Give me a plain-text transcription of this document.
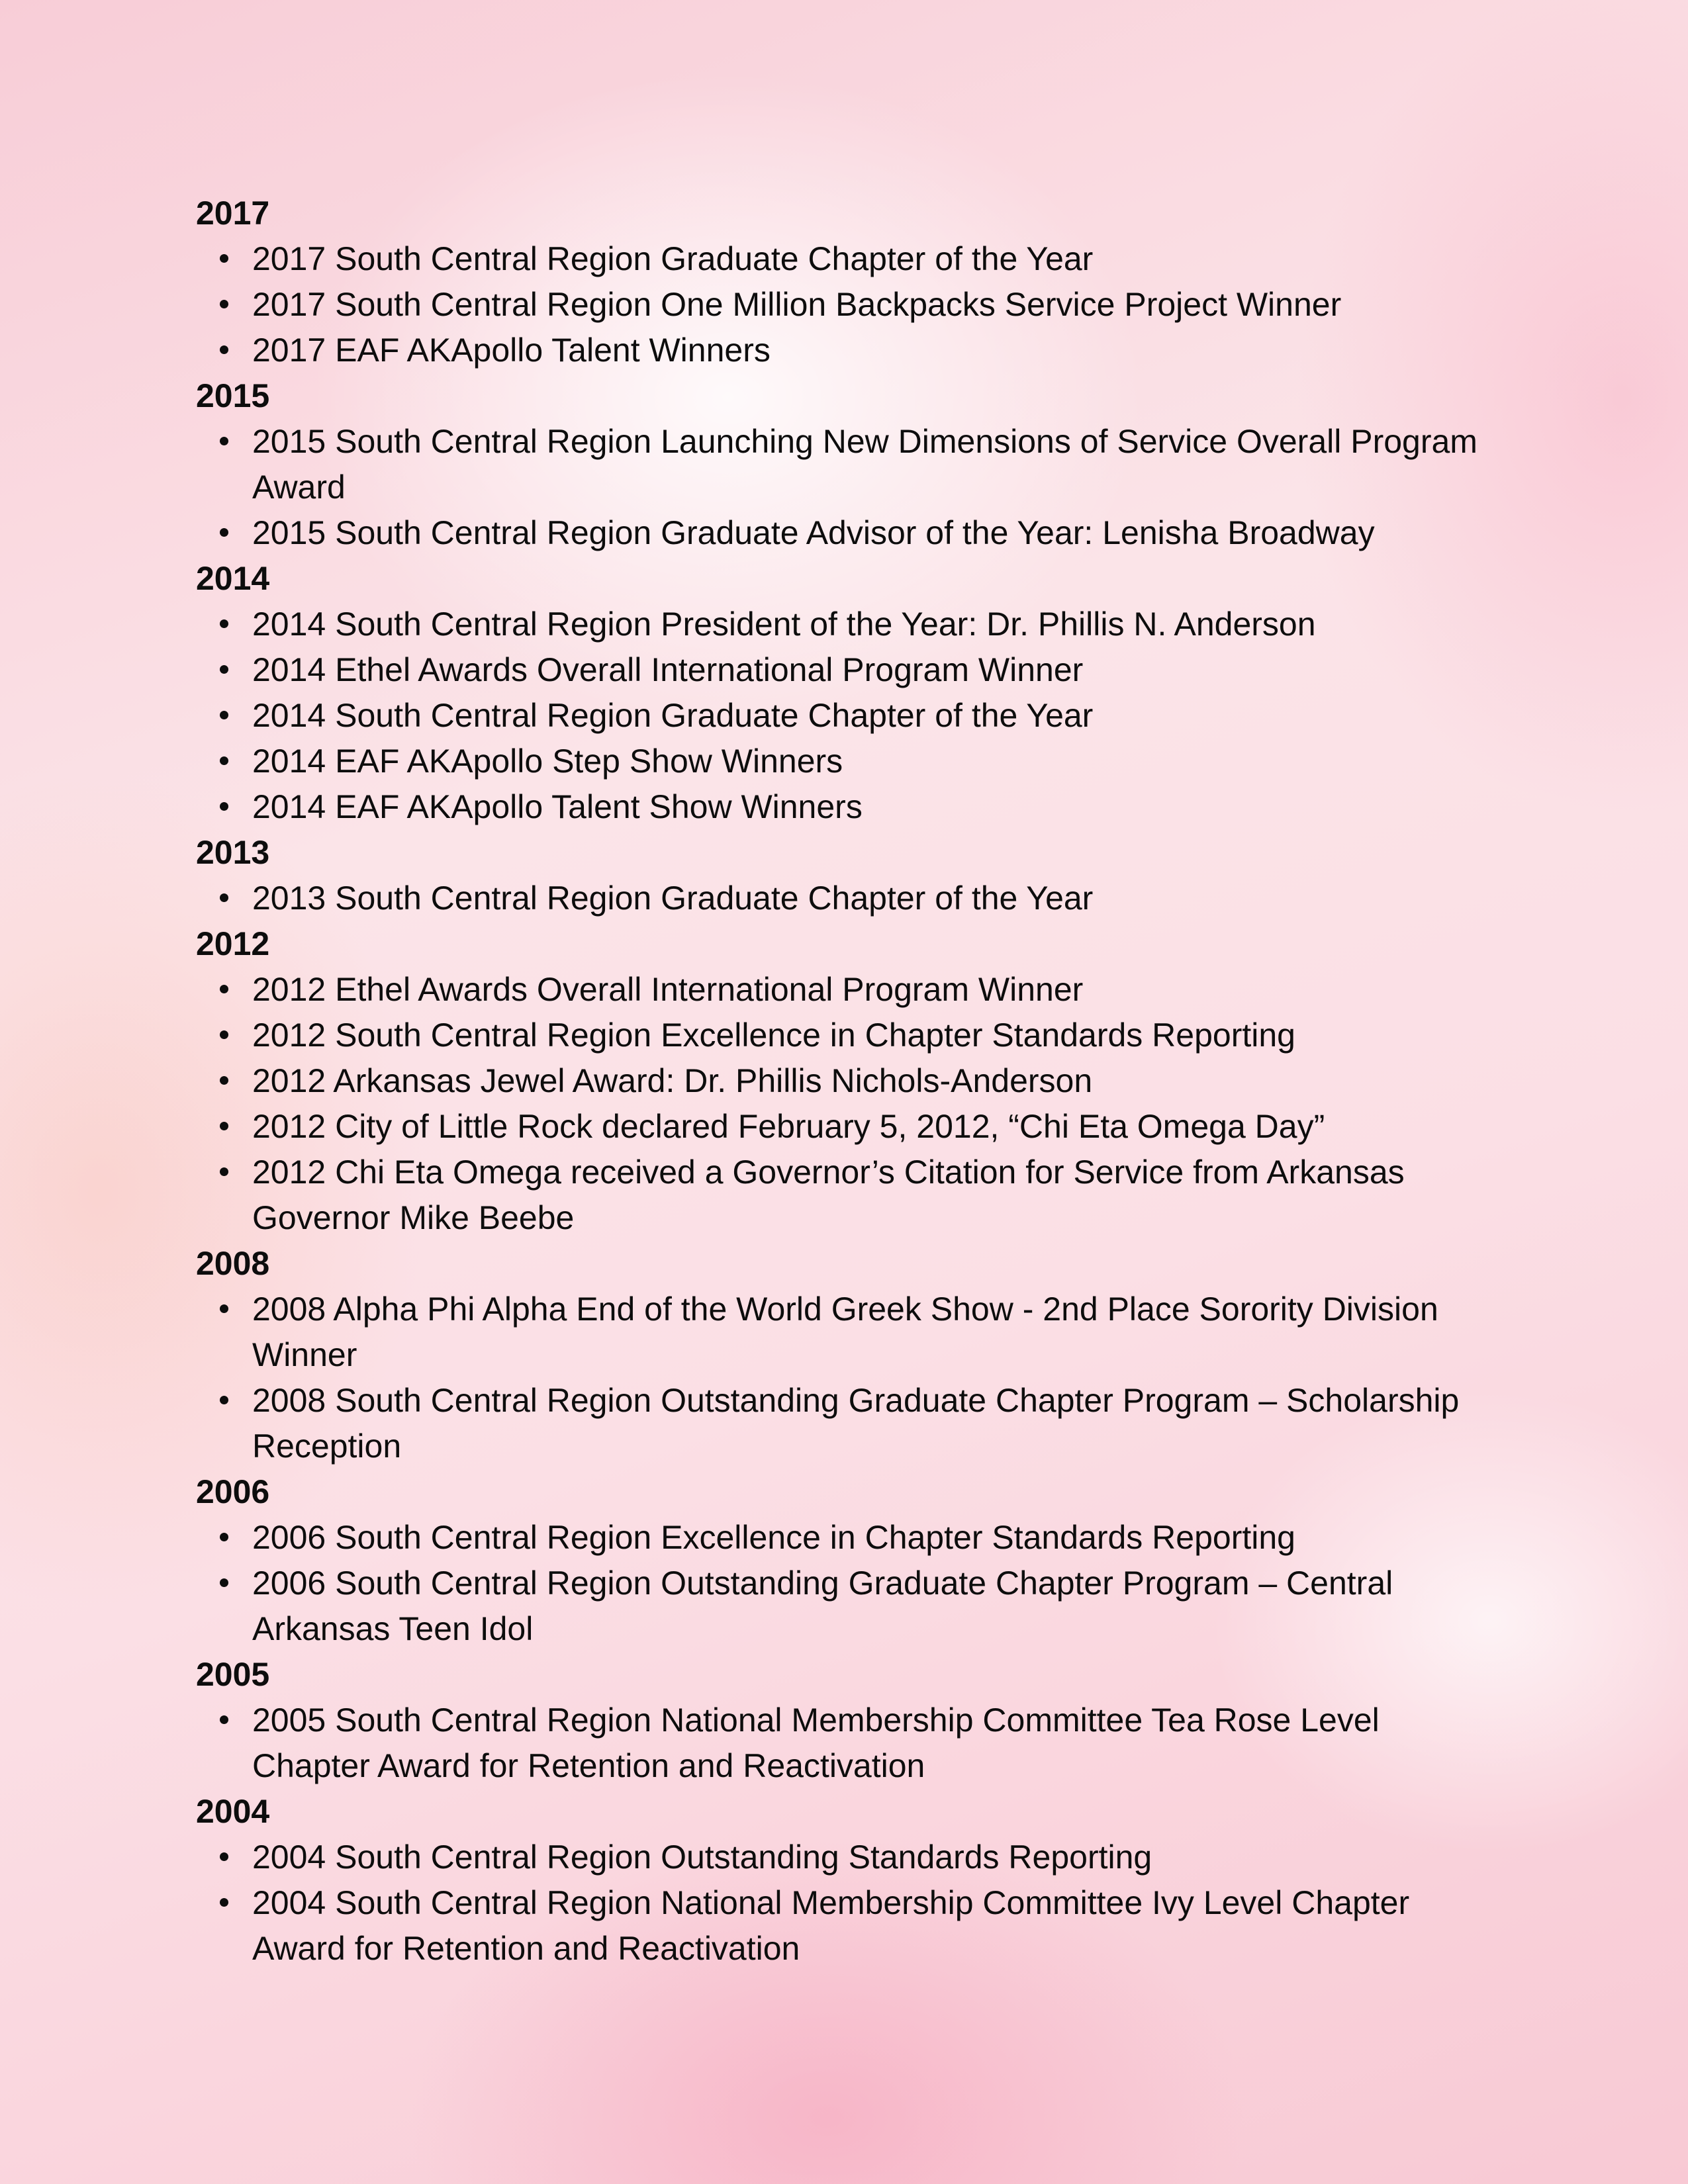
2017
2017 South Central Region Graduate Chapter of the Year
2017 South Central Region One Million Backpacks Service Project Winner
2017 EAF AKApollo Talent Winners
2015
2015 South Central Region Launching New Dimensions of Service Overall Program Award
2015 South Central Region Graduate Advisor of the Year: Lenisha Broadway
2014
2014 South Central Region President of the Year: Dr. Phillis N. Anderson
2014 Ethel Awards Overall International Program Winner
2014 South Central Region Graduate Chapter of the Year
2014 EAF AKApollo Step Show Winners
2014 EAF AKApollo Talent Show Winners
2013
2013 South Central Region Graduate Chapter of the Year
2012
2012 Ethel Awards Overall International Program Winner
2012 South Central Region Excellence in Chapter Standards Reporting
2012 Arkansas Jewel Award: Dr. Phillis Nichols-Anderson
2012 City of Little Rock declared February 5, 2012, “Chi Eta Omega Day”
2012 Chi Eta Omega received a Governor’s Citation for Service from Arkansas Governor Mike Beebe
2008
2008 Alpha Phi Alpha End of the World Greek Show - 2nd Place Sorority Division Winner
2008 South Central Region Outstanding Graduate Chapter Program – Scholarship Reception
2006
2006 South Central Region Excellence in Chapter Standards Reporting
2006 South Central Region Outstanding Graduate Chapter Program – Central Arkansas Teen Idol
2005
2005 South Central Region National Membership Committee Tea Rose Level Chapter Award for Retention and Reactivation
2004
2004 South Central Region Outstanding Standards Reporting
2004 South Central Region National Membership Committee Ivy Level Chapter Award for Retention and Reactivation
